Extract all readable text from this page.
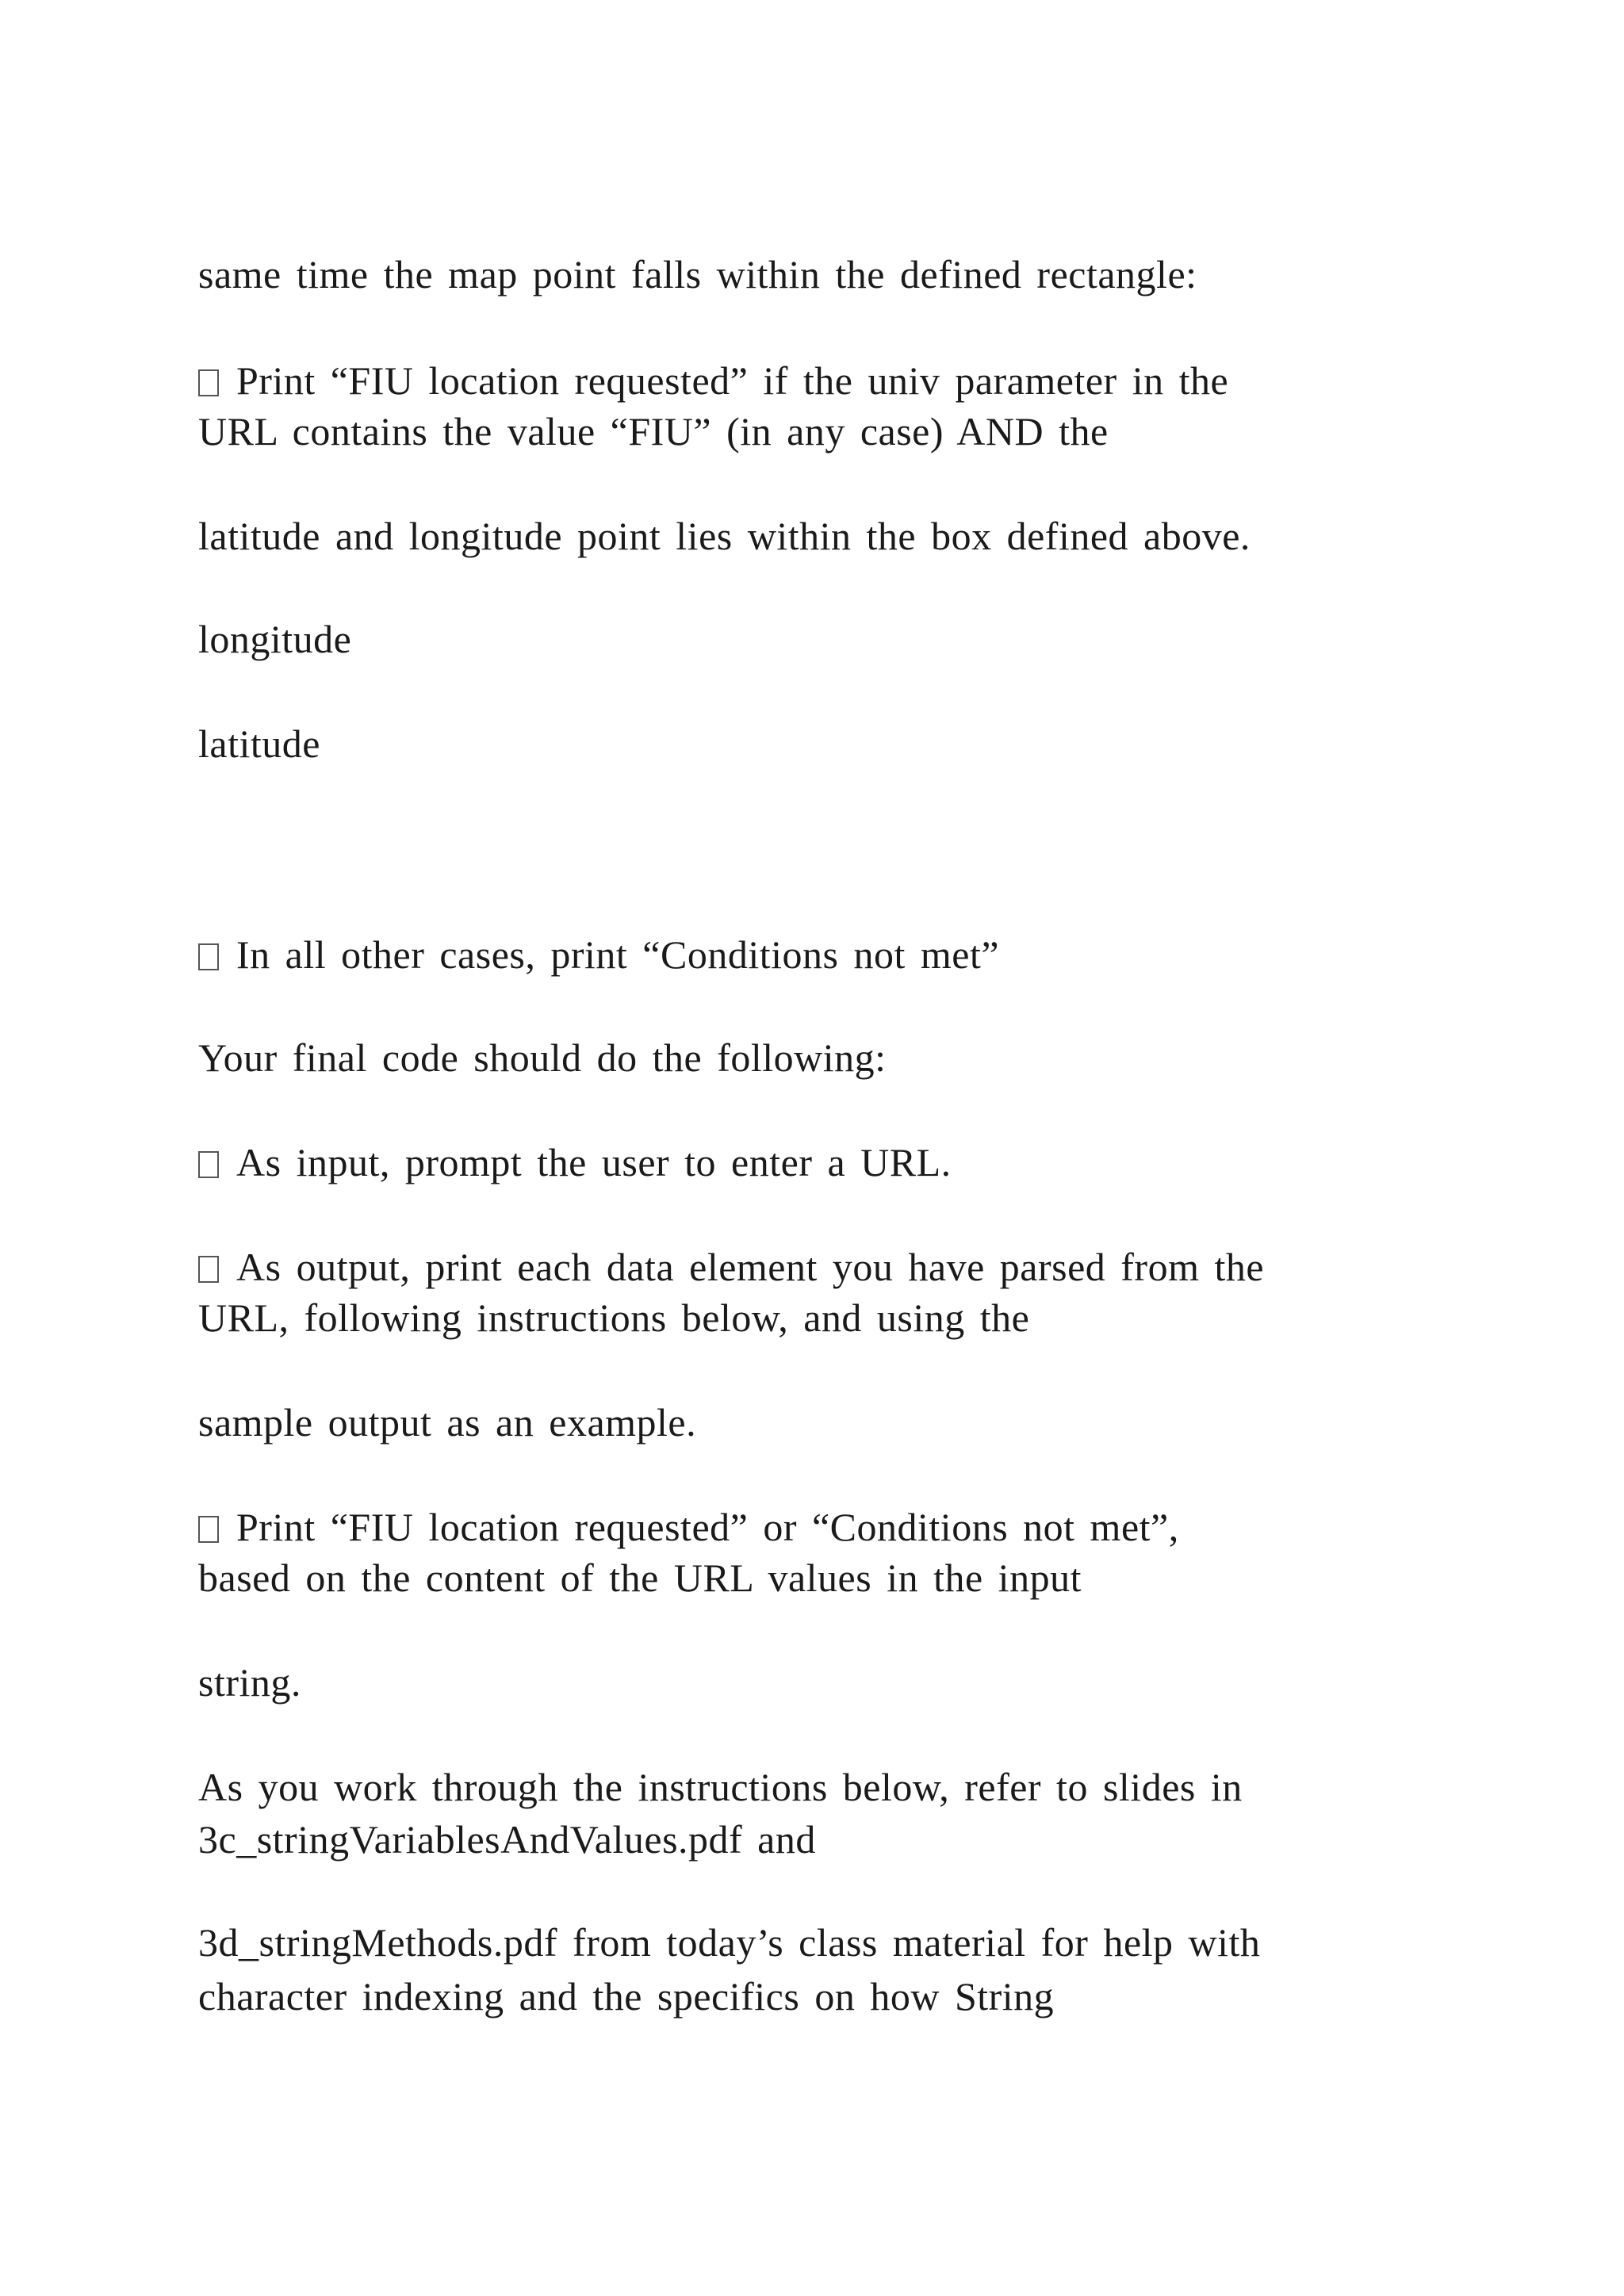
same time the map point falls within the defined rectangle:
Print “FIU location requested” if the univ parameter in the
URL contains the value “FIU” (in any case) AND the
latitude and longitude point lies within the box defined above.
longitude
latitude
In all other cases, print “Conditions not met”
Your final code should do the following:
As input, prompt the user to enter a URL.
As output, print each data element you have parsed from the
URL, following instructions below, and using the
sample output as an example.
Print “FIU location requested” or “Conditions not met”,
based on the content of the URL values in the input
string.
As you work through the instructions below, refer to slides in
3c_stringVariablesAndValues.pdf and
3d_stringMethods.pdf from today’s class material for help with
character indexing and the specifics on how String
